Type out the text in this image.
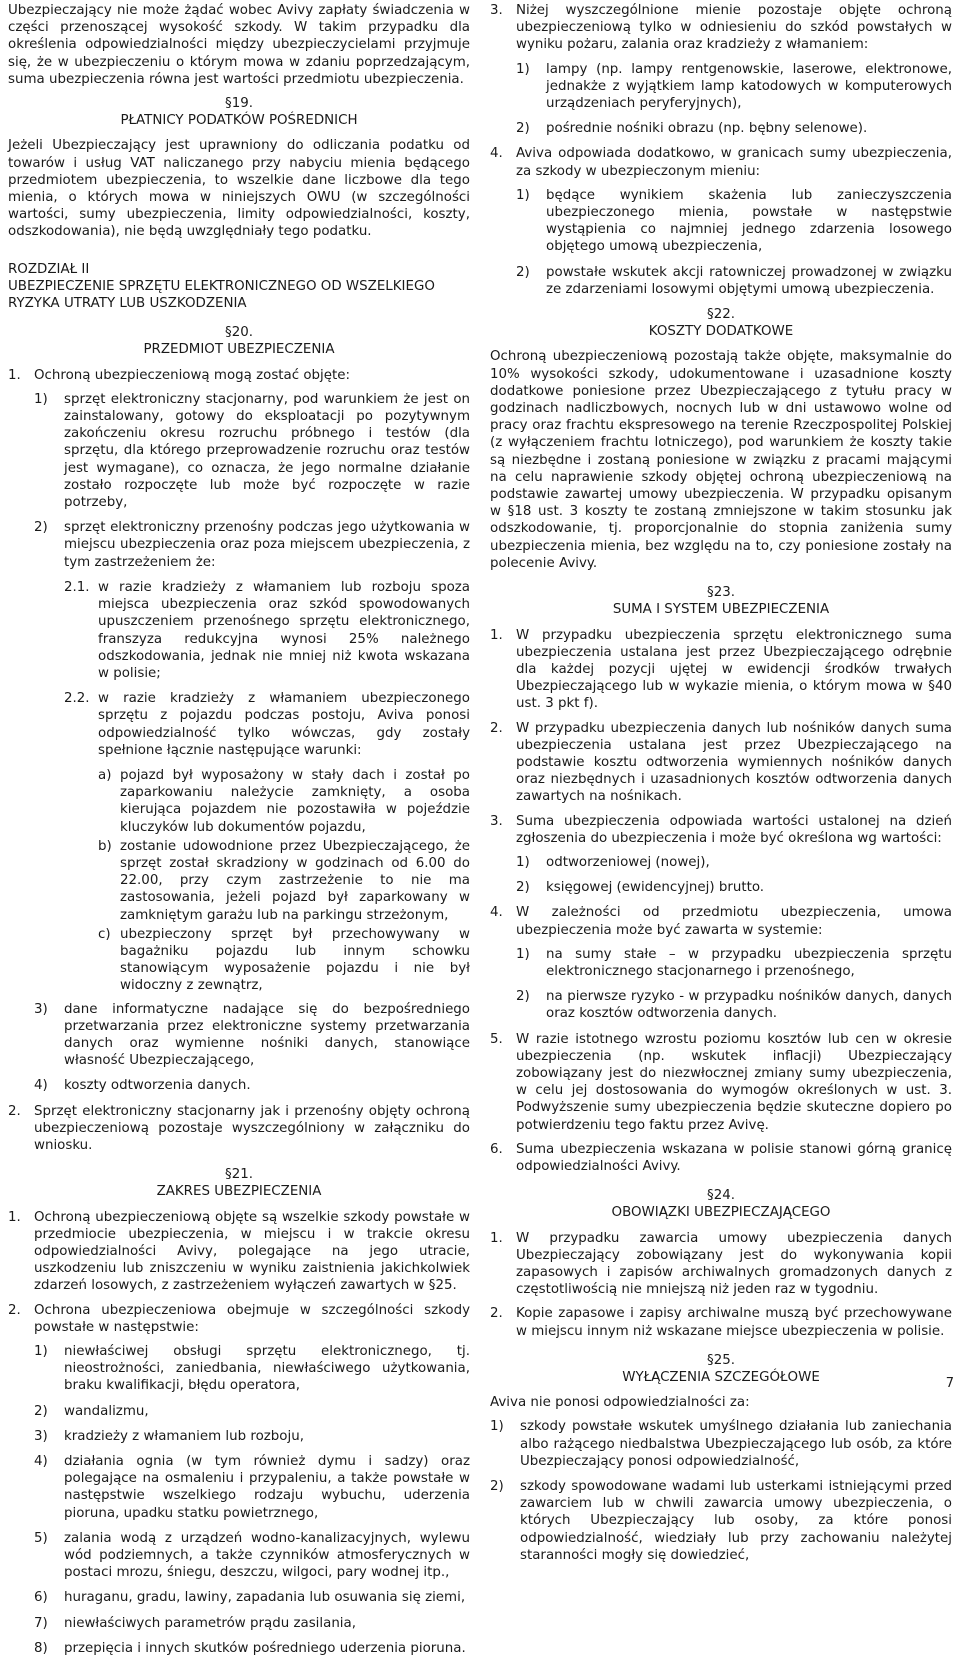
Ubezpieczający nie może żądać wobec Avivy zapłaty świadczenia w części przenoszącej wysokość szkody. W takim przypadku dla określenia odpowiedzialności między ubezpieczycielami przyjmuje się, że w ubezpieczeniu o którym mowa w zdaniu poprzedzającym, suma ubezpieczenia równa jest wartości przedmiotu ubezpieczenia.

§19.
PŁATNICY PODATKÓW POŚREDNICH

Jeżeli Ubezpieczający jest uprawniony do odliczania podatku od towarów i usług VAT naliczanego przy nabyciu mienia będącego przedmiotem ubezpieczenia, to wszelkie dane liczbowe dla tego mienia, o których mowa w niniejszych OWU (w szczególności wartości, sumy ubezpieczenia, limity odpowiedzialności, koszty, odszkodowania), nie będą uwzględniały tego podatku.

ROZDZIAŁ II
UBEZPIECZENIE SPRZĘTU ELEKTRONICZNEGO OD WSZELKIEGO RYZYKA UTRATY LUB USZKODZENIA
§20.
PRZEDMIOT UBEZPIECZENIA
1. Ochroną ubezpieczeniową mogą zostać objęte:
1)	sprzęt elektroniczny stacjonarny, pod warunkiem że jest on zainstalowany, gotowy do eksploatacji po pozytywnym zakończeniu okresu rozruchu próbnego i testów (dla sprzętu, dla którego przeprowadzenie rozruchu oraz testów jest wymagane), co oznacza, że jego normalne działanie zostało rozpoczęte lub może być rozpoczęte w razie potrzeby,
2)	sprzęt elektroniczny przenośny podczas jego użytkowania w miejscu ubezpieczenia oraz poza miejscem ubezpieczenia, z tym zastrzeżeniem że:
2.1. w razie kradzieży z włamaniem lub rozboju spoza miejsca ubezpieczenia oraz szkód spowodowanych upuszczeniem przenośnego sprzętu elektronicznego, franszyza redukcyjna wynosi 25% należnego odszkodowania, jednak nie mniej niż kwota wskazana w polisie;
2.2. w razie kradzieży z włamaniem ubezpieczonego sprzętu z pojazdu podczas postoju, Aviva ponosi odpowiedzialność tylko wówczas, gdy zostały spełnione łącznie następujące warunki:
a) pojazd był wyposażony w stały dach i został po zaparkowaniu należycie zamknięty, a osoba kierująca pojazdem nie pozostawiła w pojeździe kluczyków lub dokumentów pojazdu,
b) zostanie udowodnione przez Ubezpieczającego, że sprzęt został skradziony w godzinach od 6.00 do 22.00, przy czym zastrzeżenie to nie ma zastosowania, jeżeli pojazd był zaparkowany w zamkniętym garażu lub na parkingu strzeżonym,
c) ubezpieczony sprzęt był przechowywany w bagażniku pojazdu lub innym schowku stanowiącym wyposażenie pojazdu i nie był widoczny z zewnątrz,
3)	dane informatyczne nadające się do bezpośredniego przetwarzania przez elektroniczne systemy przetwarzania danych oraz wymienne nośniki danych, stanowiące własność Ubezpieczającego,
4)	koszty odtworzenia danych.
2. Sprzęt elektroniczny stacjonarny jak i przenośny objęty ochroną ubezpieczeniową pozostaje wyszczególniony w załączniku do wniosku.
§21.
ZAKRES UBEZPIECZENIA
1. Ochroną ubezpieczeniową objęte są wszelkie szkody powstałe w przedmiocie ubezpieczenia, w miejscu i w trakcie okresu odpowiedzialności Avivy, polegające na jego utracie, uszkodzeniu lub zniszczeniu w wyniku zaistnienia jakichkolwiek zdarzeń losowych, z zastrzeżeniem wyłączeń zawartych w §25.
2. Ochrona ubezpieczeniowa obejmuje w szczególności szkody powstałe w następstwie:
1)	niewłaściwej obsługi sprzętu elektronicznego, tj. nieostrożności, zaniedbania, niewłaściwego użytkowania, braku kwalifikacji, błędu operatora,
2)	wandalizmu,
3)	kradzieży z włamaniem lub rozboju,
4)	działania ognia (w tym również dymu i sadzy) oraz polegające na osmaleniu i przypaleniu, a także powstałe w następstwie wszelkiego rodzaju wybuchu, uderzenia pioruna, upadku statku powietrznego,
5)	zalania wodą z urządzeń wodno-kanalizacyjnych, wylewu wód podziemnych, a także czynników atmosferycznych w postaci mrozu, śniegu, deszczu, wilgoci, pary wodnej itp.,
6)	huraganu, gradu, lawiny, zapadania lub osuwania się ziemi,
7)	niewłaściwych parametrów prądu zasilania,
8)	przepięcia i innych skutków pośredniego uderzenia pioruna.
3. Niżej wyszczególnione mienie pozostaje objęte ochroną ubezpieczeniową tylko w odniesieniu do szkód powstałych w wyniku pożaru, zalania oraz kradzieży z włamaniem:
1)	lampy (np. lampy rentgenowskie, laserowe, elektronowe, jednakże z wyjątkiem lamp katodowych w komputerowych urządzeniach peryferyjnych),
2)	pośrednie nośniki obrazu (np. bębny selenowe).
4. Aviva odpowiada dodatkowo, w granicach sumy ubezpieczenia, za szkody w ubezpieczonym mieniu:
1)	będące wynikiem skażenia lub zanieczyszczenia ubezpieczonego mienia, powstałe w następstwie wystąpienia co najmniej jednego zdarzenia losowego objętego umową ubezpieczenia,
2)	powstałe wskutek akcji ratowniczej prowadzonej w związku ze zdarzeniami losowymi objętymi umową ubezpieczenia.
§22.
KOSZTY DODATKOWE

Ochroną ubezpieczeniową pozostają także objęte, maksymalnie do 10% wysokości szkody, udokumentowane i uzasadnione koszty dodatkowe poniesione przez Ubezpieczającego z tytułu pracy w godzinach nadliczbowych, nocnych lub w dni ustawowo wolne od pracy oraz frachtu ekspresowego na terenie Rzeczpospolitej Polskiej (z wyłączeniem frachtu lotniczego), pod warunkiem że koszty takie są niezbędne i zostaną poniesione w związku z pracami mającymi na celu naprawienie szkody objętej ochroną ubezpieczeniową na podstawie zawartej umowy ubezpieczenia. W przypadku opisanym w §18 ust. 3 koszty te zostaną zmniejszone w takim stosunku jak odszkodowanie, tj. proporcjonalnie do stopnia zaniżenia sumy ubezpieczenia mienia, bez względu na to, czy poniesione zostały na polecenie Avivy.

§23.
SUMA I SYSTEM UBEZPIECZENIA
1. W przypadku ubezpieczenia sprzętu elektronicznego suma ubezpieczenia ustalana jest przez Ubezpieczającego odrębnie dla każdej pozycji ujętej w ewidencji środków trwałych Ubezpieczającego lub w wykazie mienia, o którym mowa w §40 ust. 3 pkt f).
2. W przypadku ubezpieczenia danych lub nośników danych suma ubezpieczenia ustalana jest przez Ubezpieczającego na podstawie kosztu odtworzenia wymiennych nośników danych oraz niezbędnych i uzasadnionych kosztów odtworzenia danych zawartych na nośnikach.
3. Suma ubezpieczenia odpowiada wartości ustalonej na dzień zgłoszenia do ubezpieczenia i może być określona wg wartości:
1)	odtworzeniowej (nowej),
2)	księgowej (ewidencyjnej) brutto.
4. W zależności od przedmiotu ubezpieczenia, umowa ubezpieczenia może być zawarta w systemie:
1)	na sumy stałe – w przypadku ubezpieczenia sprzętu elektronicznego stacjonarnego i przenośnego,
2)	na pierwsze ryzyko - w przypadku nośników danych, danych oraz kosztów odtworzenia danych.
5. W razie istotnego wzrostu poziomu kosztów lub cen w okresie ubezpieczenia (np. wskutek inflacji) Ubezpieczający zobowiązany jest do niezwłocznej zmiany sumy ubezpieczenia, w celu jej dostosowania do wymogów określonych w ust. 3. Podwyższenie sumy ubezpieczenia będzie skuteczne dopiero po potwierdzeniu tego faktu przez Avivę.
6. Suma ubezpieczenia wskazana w polisie stanowi górną granicę odpowiedzialności Avivy.
§24.
OBOWIĄZKI UBEZPIECZAJĄCEGO
1. W przypadku zawarcia umowy ubezpieczenia danych Ubezpieczający zobowiązany jest do wykonywania kopii zapasowych i zapisów archiwalnych gromadzonych danych z częstotliwością nie mniejszą niż jeden raz w tygodniu.
2. Kopie zapasowe i zapisy archiwalne muszą być przechowywane w miejscu innym niż wskazane miejsce ubezpieczenia w polisie.
§25.
WYŁĄCZENIA SZCZEGÓŁOWE

Aviva nie ponosi odpowiedzialności za:

1)	szkody powstałe wskutek umyślnego działania lub zaniechania albo rażącego niedbalstwa Ubezpieczającego lub osób, za które Ubezpieczający ponosi odpowiedzialność,
2)	szkody spowodowane wadami lub usterkami istniejącymi przed zawarciem lub w chwili zawarcia umowy ubezpieczenia, o których Ubezpieczający lub osoby, za które ponosi odpowiedzialność, wiedziały lub przy zachowaniu należytej staranności mogły się dowiedzieć,
7
